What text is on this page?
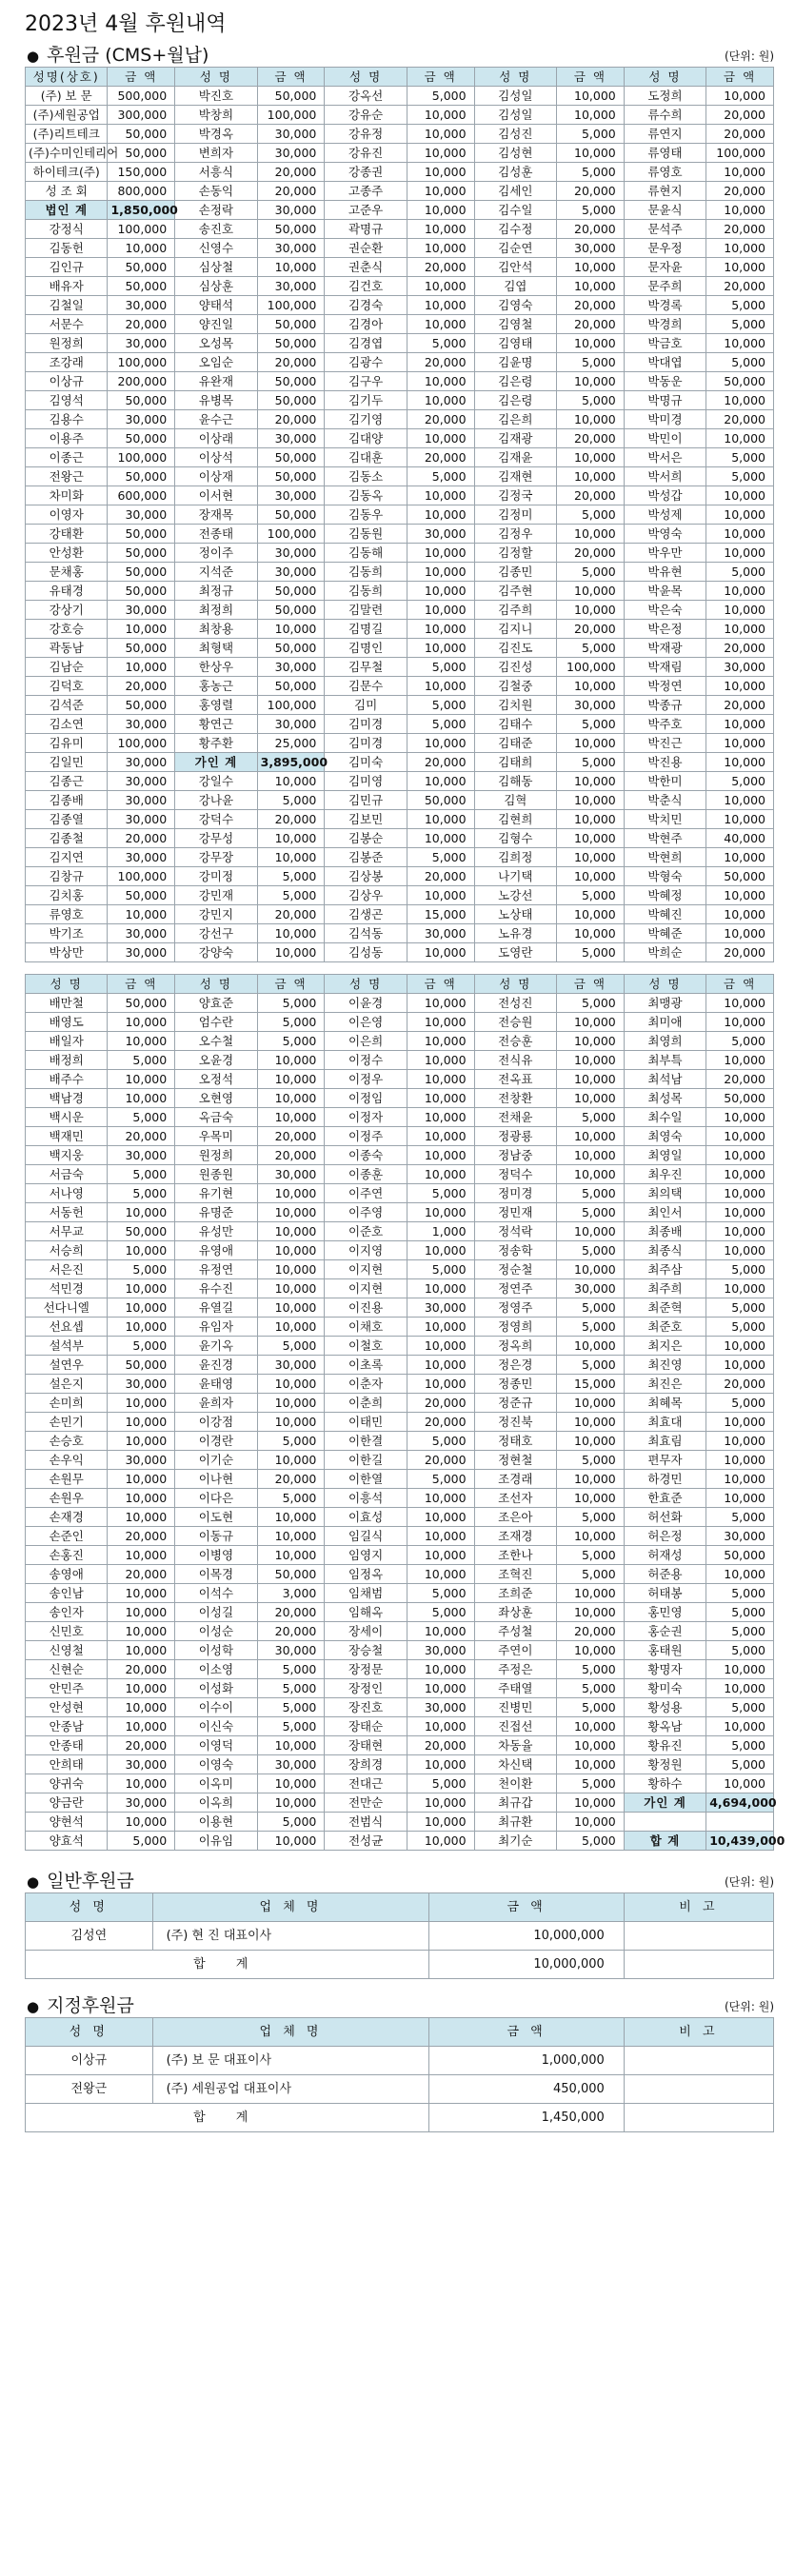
2023년 4월 후원내역
● 후원금 (CMS+월납)	(단위: 원)
성명(상호)	금 액	성 명	금 액	성 명	금 액	성 명	금 액	성 명	금 액
(주) 보 문	500,000	박진호	50,000	강옥선	5,000	김성일	10,000	도정희	10,000
(주)세원공업	300,000	박창희	100,000	강유순	10,000	김성일	10,000	류수희	20,000
(주)리트테크	50,000	박경옥	30,000	강유정	10,000	김성진	5,000	류연지	20,000
(주)수미인테리어	50,000	변희자	30,000	강유진	10,000	김성현	10,000	류영태	100,000
하이테크(주)	150,000	서흥식	20,000	강종권	10,000	김성훈	5,000	류영호	10,000
성 조 회	800,000	손동익	20,000	고종주	10,000	김세인	20,000	류현지	20,000
법인 계	1,850,000	손정락	30,000	고준우	10,000	김수일	5,000	문윤식	10,000
강정식	100,000	송진호	50,000	곽명규	10,000	김수정	20,000	문석주	20,000
김동헌	10,000	신영수	30,000	권순환	10,000	김순연	30,000	문우정	10,000
김인규	50,000	심상철	10,000	권춘식	20,000	김안석	10,000	문자윤	10,000
배유자	50,000	심상훈	30,000	김건호	10,000	김엽	10,000	문주희	20,000
김철일	30,000	양태석	100,000	김경숙	10,000	김영숙	20,000	박경록	5,000
서문수	20,000	양진일	50,000	김경아	10,000	김영철	20,000	박경희	5,000
원정희	30,000	오성목	50,000	김경엽	5,000	김영태	10,000	박금호	10,000
조강래	100,000	오임순	20,000	김광수	20,000	김윤명	5,000	박대엽	5,000
이상규	200,000	유완재	50,000	김구우	10,000	김은령	10,000	박동운	50,000
김영석	50,000	유병목	50,000	김기두	10,000	김은령	5,000	박명규	10,000
김용수	30,000	윤수근	20,000	김기영	20,000	김은희	10,000	박미경	20,000
이용주	50,000	이상래	30,000	김대양	10,000	김재광	20,000	박민이	10,000
이종근	100,000	이상석	50,000	김대훈	20,000	김재윤	10,000	박서은	5,000
전왕근	50,000	이상재	50,000	김동소	5,000	김재현	10,000	박서희	5,000
차미화	600,000	이서현	30,000	김동옥	10,000	김정국	20,000	박성갑	10,000
이영자	30,000	장재목	50,000	김동우	10,000	김정미	5,000	박성제	10,000
강태환	50,000	전종태	100,000	김동원	30,000	김정우	10,000	박영숙	10,000
안성환	50,000	정이주	30,000	김동해	10,000	김정할	20,000	박우만	10,000
문채홍	50,000	지석준	30,000	김동희	10,000	김종민	5,000	박유현	5,000
유태경	50,000	최정규	50,000	김동희	10,000	김주현	10,000	박윤목	10,000
강상기	30,000	최정희	50,000	김말련	10,000	김주희	10,000	박은숙	10,000
강호승	10,000	최창용	10,000	김명길	10,000	김지니	20,000	박은정	10,000
곽동남	50,000	최형택	50,000	김명인	10,000	김진도	5,000	박재광	20,000
김남순	10,000	한상우	30,000	김무철	5,000	김진성	100,000	박재림	30,000
김덕호	20,000	홍농근	50,000	김문수	10,000	김철중	10,000	박정연	10,000
김석준	50,000	홍영렬	100,000	김미	5,000	김치원	30,000	박종규	20,000
김소연	30,000	황연근	30,000	김미경	5,000	김태수	5,000	박주호	10,000
김유미	100,000	황주환	25,000	김미경	10,000	김태준	10,000	박진근	10,000
김일민	30,000	가인 계	3,895,000	김미숙	20,000	김태희	5,000	박진용	10,000
김종근	30,000	강일수	10,000	김미영	10,000	김해동	10,000	박한미	5,000
김종배	30,000	강나윤	5,000	김민규	50,000	김혁	10,000	박춘식	10,000
김종열	30,000	강덕수	20,000	김보민	10,000	김현희	10,000	박치민	10,000
김종철	20,000	강무성	10,000	김봉순	10,000	김형수	10,000	박현주	40,000
김지연	30,000	강무장	10,000	김봉준	5,000	김희정	10,000	박현희	10,000
김창규	100,000	강미정	5,000	김상봉	20,000	나기택	10,000	박형숙	50,000
김치홍	50,000	강민재	5,000	김상우	10,000	노강선	5,000	박혜정	10,000
류영호	10,000	강민지	20,000	김생곤	15,000	노상태	10,000	박혜진	10,000
박기조	30,000	강선구	10,000	김석동	30,000	노유경	10,000	박혜준	10,000
박상만	30,000	강양숙	10,000	김성동	10,000	도영란	5,000	박희순	20,000
성 명	금 액	성 명	금 액	성 명	금 액	성 명	금 액	성 명	금 액
배만철	50,000	양효준	5,000	이윤경	10,000	전성진	5,000	최맹광	10,000
배영도	10,000	엄수란	5,000	이은영	10,000	전승원	10,000	최미애	10,000
배일자	10,000	오수철	5,000	이은희	10,000	전승훈	10,000	최영희	5,000
배정희	5,000	오윤경	10,000	이정수	10,000	전식유	10,000	최부특	10,000
배주수	10,000	오정석	10,000	이정우	10,000	전옥표	10,000	최석남	20,000
백남경	10,000	오현영	10,000	이정임	10,000	전창환	10,000	최성목	50,000
백시운	5,000	옥금숙	10,000	이정자	10,000	전채윤	5,000	최수일	10,000
백재민	20,000	우목미	20,000	이정주	10,000	정광룡	10,000	최영숙	10,000
백지웅	30,000	원정희	20,000	이종숙	10,000	정남중	10,000	최영일	10,000
서금숙	5,000	원종원	30,000	이종훈	10,000	정덕수	10,000	최우진	10,000
서나영	5,000	유기현	10,000	이주연	5,000	정미경	5,000	최의택	10,000
서동헌	10,000	유명준	10,000	이주영	10,000	정민재	5,000	최인서	10,000
서무교	50,000	유성만	10,000	이준호	1,000	정석락	10,000	최종배	10,000
서승희	10,000	유영애	10,000	이지영	10,000	정송학	5,000	최종식	10,000
서은진	5,000	유정연	10,000	이지현	5,000	정순철	10,000	최주삼	5,000
석민경	10,000	유수진	10,000	이지현	10,000	정연주	30,000	최주희	10,000
선다니엘	10,000	유열길	10,000	이진용	30,000	정영주	5,000	최준혁	5,000
선요셉	10,000	유임자	10,000	이채호	10,000	정영희	5,000	최준호	5,000
설석부	5,000	윤기옥	5,000	이철호	10,000	정옥희	10,000	최지은	10,000
설연우	50,000	윤진경	30,000	이초록	10,000	정은경	5,000	최진영	10,000
설은지	30,000	윤태영	10,000	이춘자	10,000	정종민	15,000	최진은	20,000
손미희	10,000	윤희자	10,000	이춘희	20,000	정준규	10,000	최혜목	5,000
손민기	10,000	이강점	10,000	이태민	20,000	정진북	10,000	최효대	10,000
손승호	10,000	이경란	5,000	이한결	5,000	정태호	10,000	최효림	10,000
손우익	30,000	이기순	10,000	이한길	20,000	정현철	5,000	편무자	10,000
손원무	10,000	이나현	20,000	이한열	5,000	조경래	10,000	하경민	10,000
손원우	10,000	이다은	5,000	이흥석	10,000	조선자	10,000	한효준	10,000
손재경	10,000	이도현	10,000	이효성	10,000	조은아	5,000	허선화	5,000
손준인	20,000	이동규	10,000	임길식	10,000	조재경	10,000	허은정	30,000
손홍진	10,000	이병영	10,000	임영지	10,000	조한나	5,000	허재성	50,000
송영애	20,000	이목경	50,000	임정옥	10,000	조혁진	5,000	허준용	10,000
송인남	10,000	이석수	3,000	임채범	5,000	조희준	10,000	허태봉	5,000
송인자	10,000	이성길	20,000	임해옥	5,000	좌상훈	10,000	홍민영	5,000
신민호	10,000	이성순	20,000	장세이	10,000	주성철	20,000	홍순권	5,000
신영철	10,000	이성학	30,000	장승철	30,000	주연이	10,000	홍태원	5,000
신현순	20,000	이소영	5,000	장정문	10,000	주정은	5,000	황명자	10,000
안민주	10,000	이성화	5,000	장정인	10,000	주태열	5,000	황미숙	10,000
안성현	10,000	이수이	5,000	장진호	30,000	진병민	5,000	황성용	5,000
안종남	10,000	이신숙	5,000	장태순	10,000	진접선	10,000	황옥남	10,000
안종태	20,000	이영덕	10,000	장태현	20,000	차동율	10,000	황유진	5,000
안희태	30,000	이영숙	30,000	장희경	10,000	차신택	10,000	황정원	5,000
양귀숙	10,000	이옥미	10,000	전대근	5,000	천이환	5,000	황하수	10,000
양금란	30,000	이옥희	10,000	전만순	10,000	최규갑	10,000	가인 계	4,694,000
양현석	10,000	이용현	5,000	전범식	10,000	최규환	10,000		
양효석	5,000	이유임	10,000	전성균	10,000	최기순	5,000	합 계	10,439,000
● 일반후원금	(단위: 원)
성 명	업 체 명	금 액	비 고
김성연	(주) 현 진 대표이사	10,000,000	
합 계		10,000,000	
● 지정후원금	(단위: 원)
성 명	업 체 명	금 액	비 고
이상규	(주) 보 문 대표이사	1,000,000	
전왕근	(주) 세원공업 대표이사	450,000	
합 계		1,450,000	
